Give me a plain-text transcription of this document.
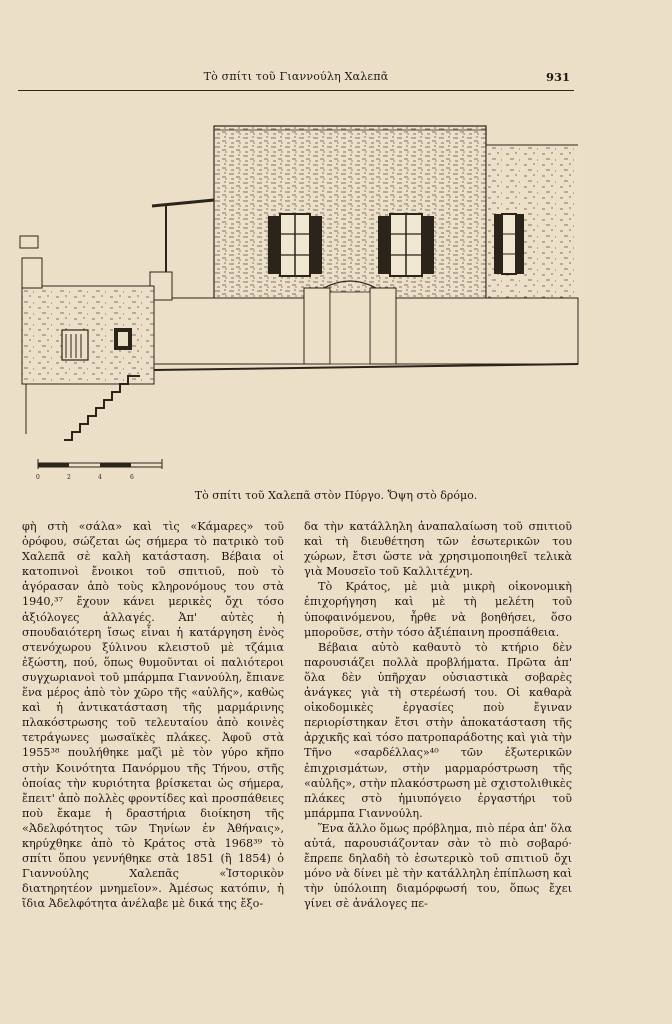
Τὸ σπίτι τοῦ Γιαννούλη Χαλεπᾶ	931
0	2	4	6
Τὸ σπίτι τοῦ Χαλεπᾶ στὸν Πύργο. Ὄψη στὸ δρόμο.

φὴ στὴ «σάλα» καὶ τὶς «Κάμαρες» τοῦ ὀρόφου, σώζεται ὡς σήμερα τὸ πατρικὸ τοῦ Χαλεπᾶ σὲ καλὴ κατάσταση. Βέβαια οἱ κατοπινοὶ ἔνοικοι τοῦ σπιτιοῦ, ποὺ τὸ ἀγόρασαν ἀπὸ τοὺς κληρονόμους του στὰ 1940,³⁷ ἔχουν κάνει μερικὲς ὄχι τόσο ἀξιόλογες ἀλλαγές. Ἀπ' αὐτὲς ἡ σπουδαιότερη ἴσως εἶναι ἡ κατάργηση ἑνὸς στενόχωρου ξύλινου κλειστοῦ μὲ τζάμια ἐξώστη, πού, ὅπως θυμοῦνται οἱ παλιότεροι συγχωριανοὶ τοῦ μπάρμπα Γιαννούλη, ἔπιανε ἕνα μέρος ἀπὸ τὸν χῶρο τῆς «αὐλῆς», καθὼς καὶ ἡ ἀντικατάσταση τῆς μαρμάρινης πλακόστρωσης τοῦ τελευταίου ἀπὸ κοινὲς τετράγωνες μωσαϊκὲς πλάκες. Ἀφοῦ στὰ 1955³⁸ πουλήθηκε μαζὶ μὲ τὸν γύρο κῆπο στὴν Κοινότητα Πανόρμου τῆς Τήνου, στῆς ὁποίας τὴν κυριότητα βρίσκεται ὡς σήμερα, ἔπειτ' ἀπὸ πολλὲς φροντίδες καὶ προσπάθειες ποὺ ἔκαμε ἡ δραστήρια διοίκηση τῆς «Ἀδελφότητος τῶν Τηνίων ἐν Ἀθήναις», κηρύχθηκε ἀπὸ τὸ Κράτος στὰ 1968³⁹ τὸ σπίτι ὅπου γεννήθηκε στὰ 1851 (ἢ 1854) ὁ Γιαννούλης Χαλεπᾶς «Ἱστορικὸν διατηρητέον μνημεῖον». Ἀμέσως κατόπιν, ἡ ἴδια Ἀδελφότητα ἀνέλαβε μὲ δικά της ἔξο-

δα τὴν κατάλληλη ἀναπαλαίωση τοῦ σπιτιοῦ καὶ τὴ διευθέτηση τῶν ἐσωτερικῶν του χώρων, ἔτσι ὥστε νὰ χρησιμοποιηθεῖ τελικὰ γιὰ Μουσεῖο τοῦ Καλλιτέχνη.

Τὸ Κράτος, μὲ μιὰ μικρὴ οἰκονομικὴ ἐπιχορήγηση καὶ μὲ τὴ μελέτη τοῦ ὑποφαινόμενου, ἦρθε νὰ βοηθήσει, ὅσο μποροῦσε, στὴν τόσο ἀξιέπαινη προσπάθεια.

Βέβαια αὐτὸ καθαυτὸ τὸ κτήριο δὲν παρουσιάζει πολλὰ προβλήματα. Πρῶτα ἀπ' ὅλα δὲν ὑπῆρχαν οὐσιαστικὰ σοβαρὲς ἀνάγκες γιὰ τὴ στερέωσή του. Οἱ καθαρὰ οἰκοδομικὲς ἐργασίες ποὺ ἔγιναν περιορίστηκαν ἔτσι στὴν ἀποκατάσταση τῆς ἀρχικῆς καὶ τόσο πατροπαράδοτης καὶ γιὰ τὴν Τῆνο «σαρδέλλας»⁴⁰ τῶν ἐξωτερικῶν ἐπιχρισμάτων, στὴν μαρμαρόστρωση τῆς «αὐλῆς», στὴν πλακόστρωση μὲ σχιστολιθικὲς πλάκες στὸ ἡμιυπόγειο ἐργαστήρι τοῦ μπάρμπα Γιαννούλη.

Ἕνα ἄλλο ὅμως πρόβλημα, πιὸ πέρα ἀπ' ὅλα αὐτά, παρουσιάζονταν σὰν τὸ πιὸ σοβαρό· ἔπρεπε δηλαδὴ τὸ ἐσωτερικὸ τοῦ σπιτιοῦ ὄχι μόνο νὰ δίνει μὲ τὴν κατάλληλη ἐπίπλωση καὶ τὴν ὑπόλοιπη διαμόρφωσή του, ὅπως ἔχει γίνει σὲ ἀνάλογες πε-
